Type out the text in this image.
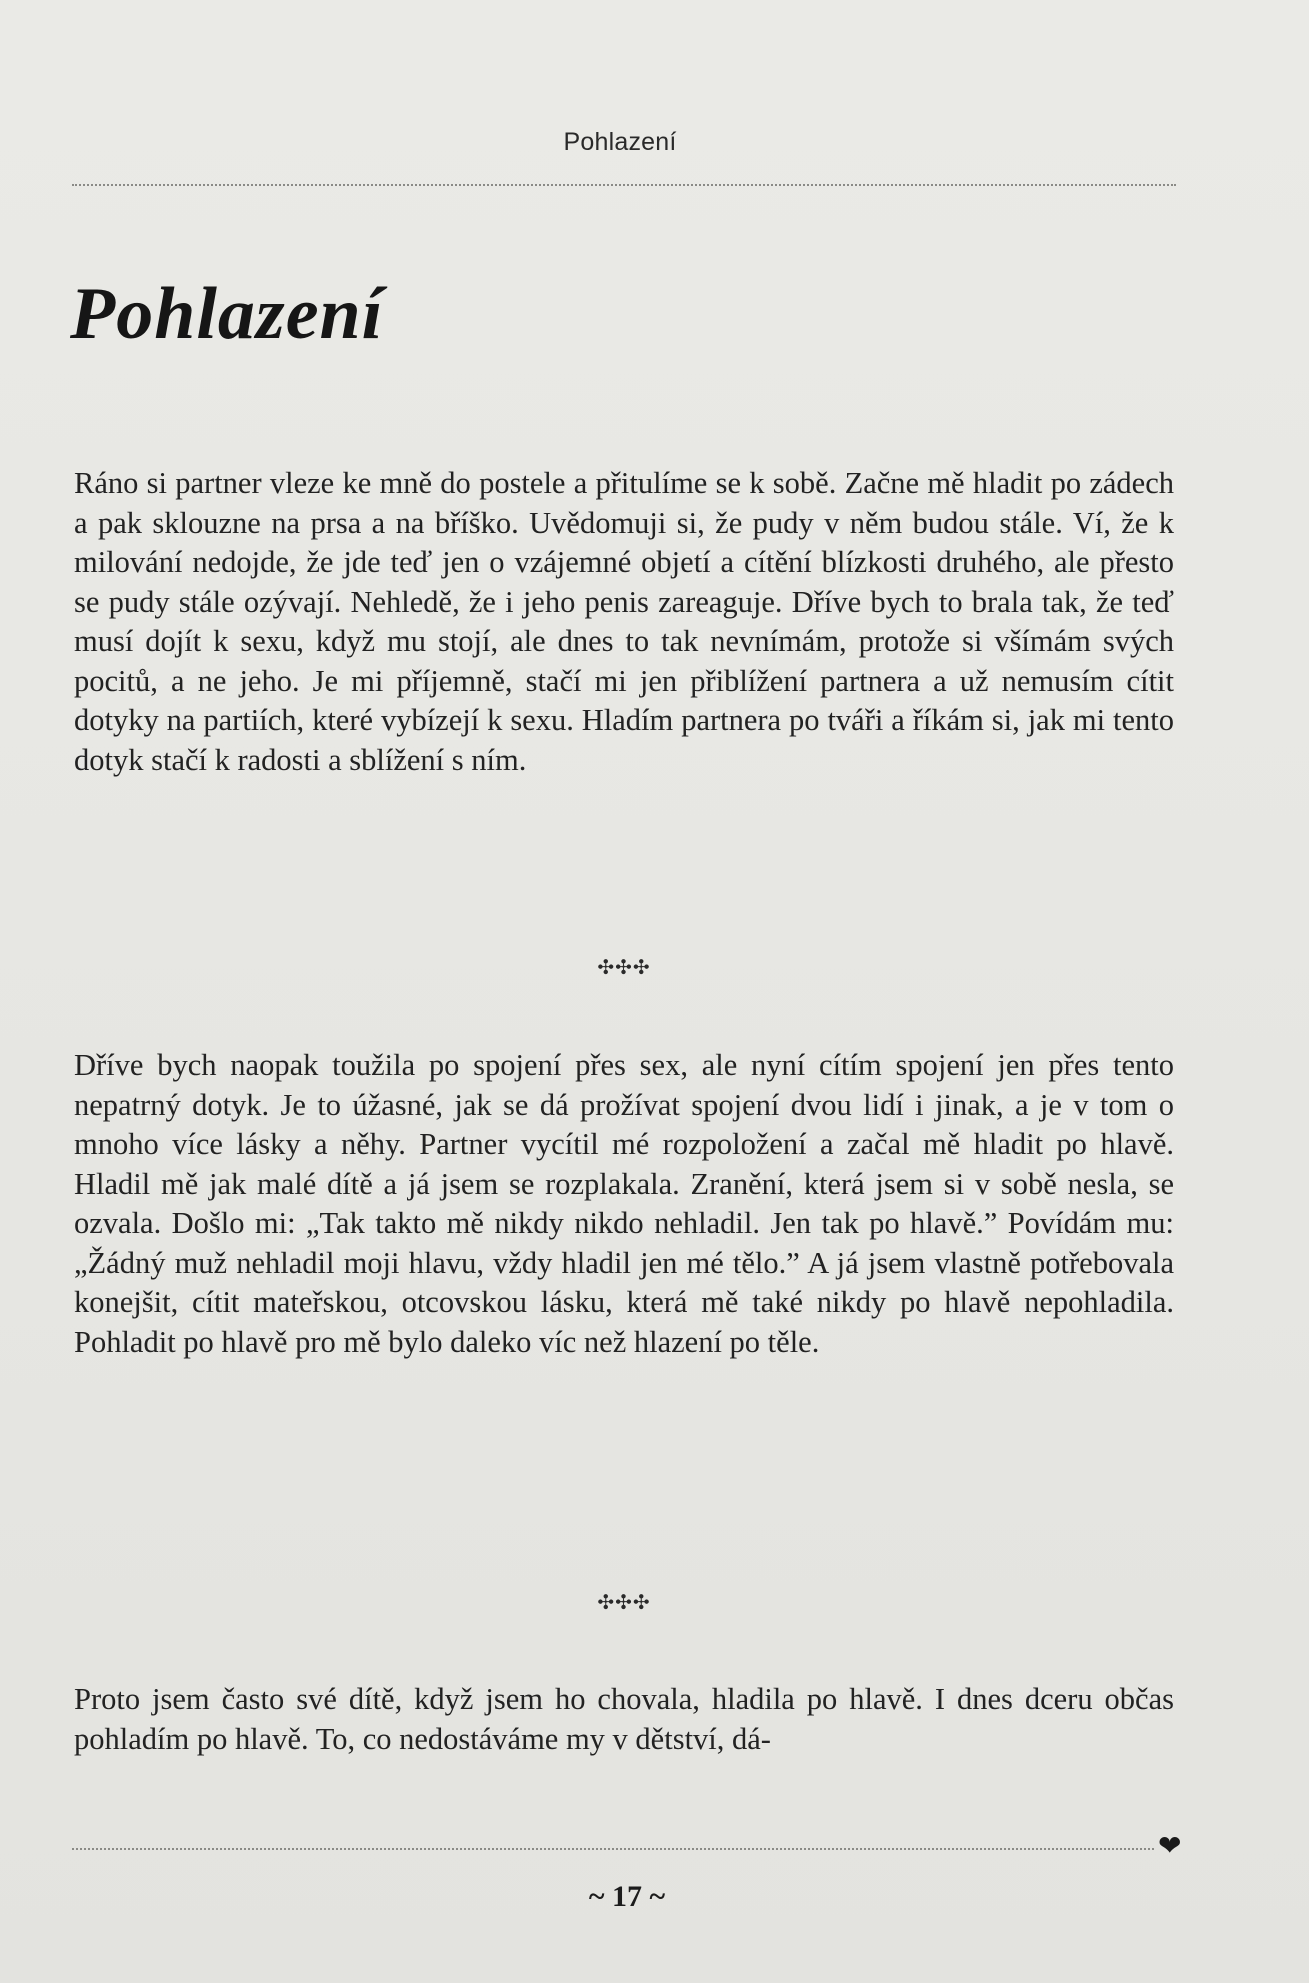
Pohlazení
Pohlazení

Ráno si partner vleze ke mně do postele a přitulíme se k sobě. Začne mě hladit po zádech a pak sklouzne na prsa a na bříško. Uvědomuji si, že pudy v něm budou stále. Ví, že k milování nedojde, že jde teď jen o vzájemné objetí a cítění blízkosti druhého, ale přesto se pudy stále ozývají. Nehledě, že i jeho penis zareaguje. Dříve bych to brala tak, že teď musí dojít k sexu, když mu stojí, ale dnes to tak nevnímám, protože si všímám svých pocitů, a ne jeho. Je mi příjemně, stačí mi jen přiblížení partnera a už nemusím cítit dotyky na partiích, které vybízejí k sexu. Hladím partnera po tváři a říkám si, jak mi tento dotyk stačí k radosti a sblížení s ním.

✣✣✣

Dříve bych naopak toužila po spojení přes sex, ale nyní cítím spojení jen přes tento nepatrný dotyk. Je to úžasné, jak se dá prožívat spojení dvou lidí i jinak, a je v tom o mnoho více lásky a něhy. Partner vycítil mé rozpoložení a začal mě hladit po hlavě. Hladil mě jak malé dítě a já jsem se rozplakala. Zranění, která jsem si v sobě nesla, se ozvala. Došlo mi: „Tak takto mě nikdy nikdo nehladil. Jen tak po hlavě.” Povídám mu: „Žádný muž nehladil moji hlavu, vždy hladil jen mé tělo.” A já jsem vlastně potřebovala konejšit, cítit mateřskou, otcovskou lásku, která mě také nikdy po hlavě nepohladila. Pohladit po hlavě pro mě bylo daleko víc než hlazení po těle.

✣✣✣

Proto jsem často své dítě, když jsem ho chovala, hladila po hlavě. I dnes dceru občas pohladím po hlavě. To, co nedostáváme my v dětství, dá-

❤
~ 17 ~
